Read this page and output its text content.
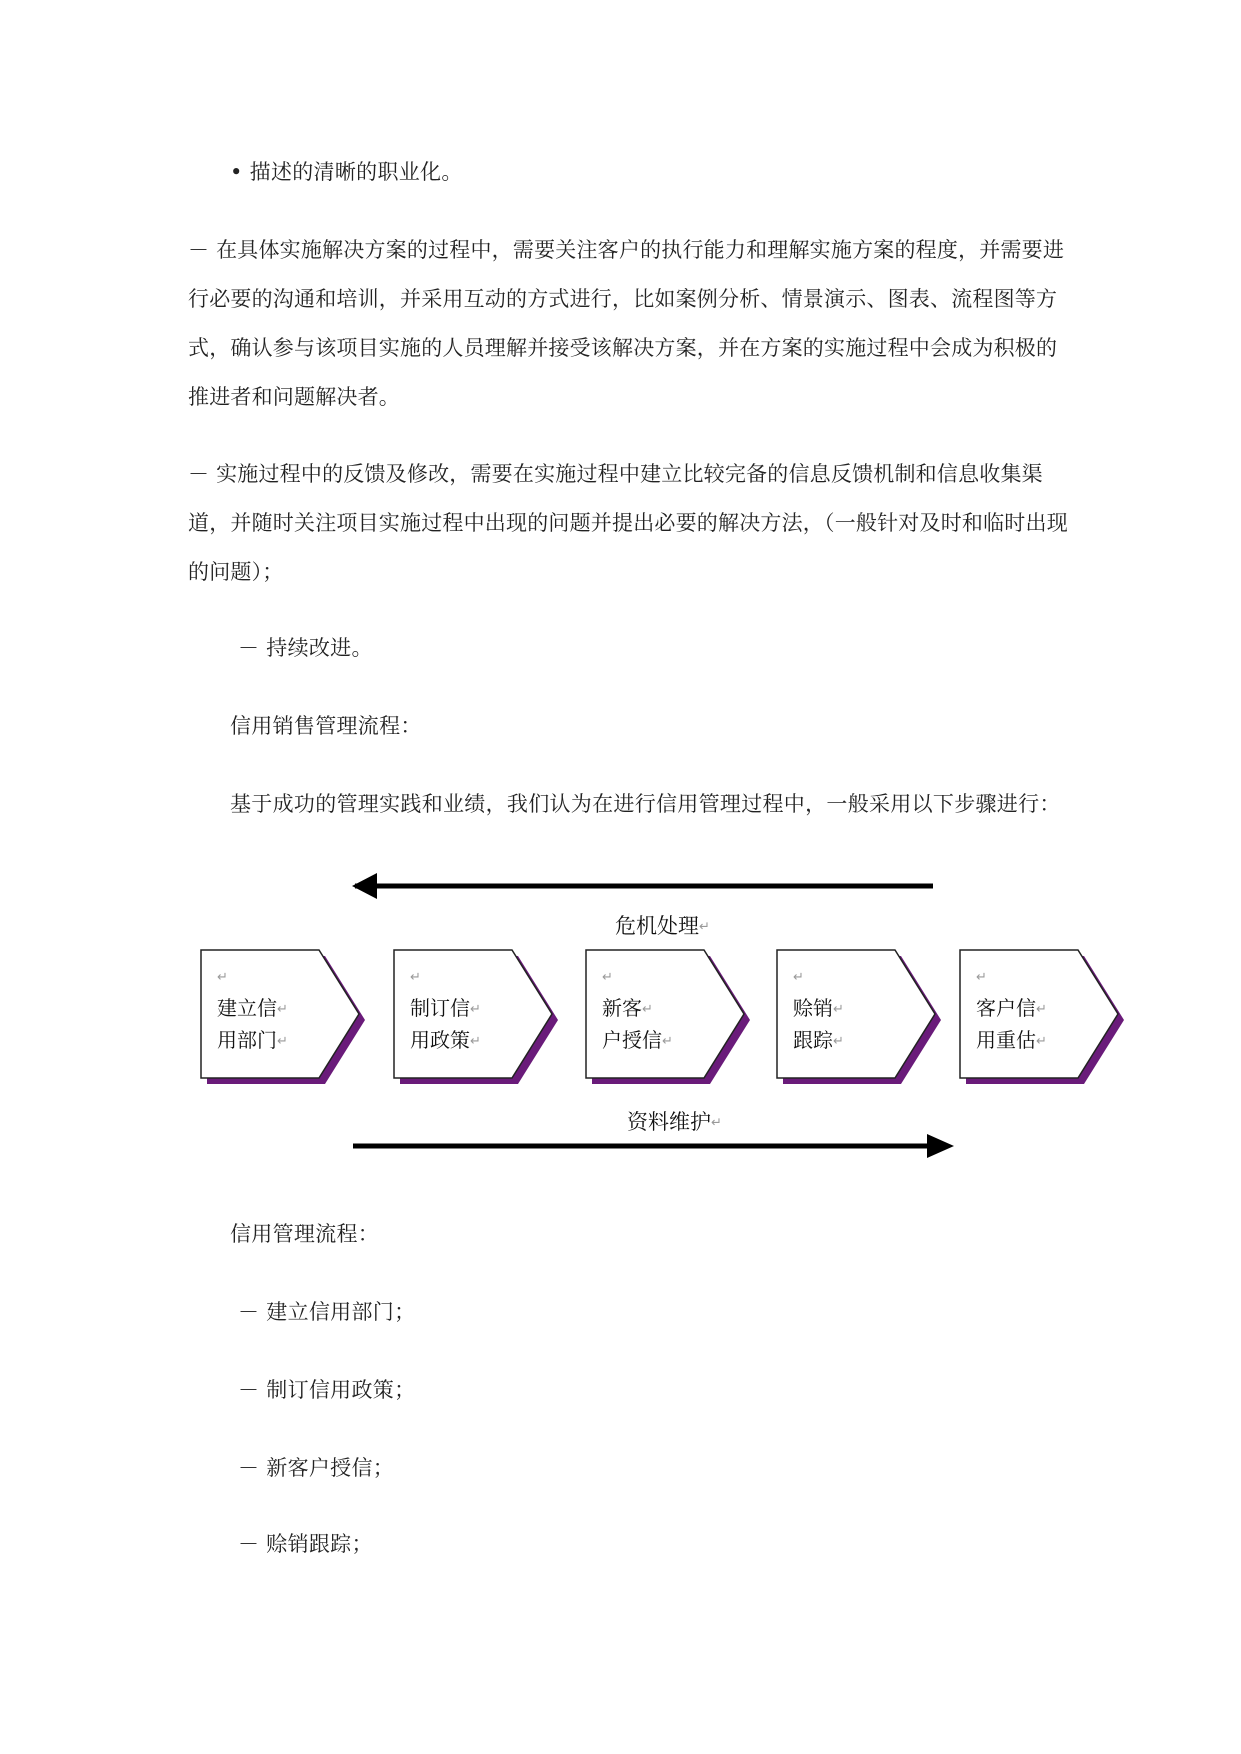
• 描述的清晰的职业化。
－ 在具体实施解决方案的过程中，需要关注客户的执行能力和理解实施方案的程度，并需要进行必要的沟通和培训，并采用互动的方式进行，比如案例分析、情景演示、图表、流程图等方式，确认参与该项目实施的人员理解并接受该解决方案，并在方案的实施过程中会成为积极的推进者和问题解决者。
－ 实施过程中的反馈及修改，需要在实施过程中建立比较完备的信息反馈机制和信息收集渠道，并随时关注项目实施过程中出现的问题并提出必要的解决方法，（一般针对及时和临时出现的问题）；
－ 持续改进。
信用销售管理流程：
基于成功的管理实践和业绩，我们认为在进行信用管理过程中，一般采用以下步骤进行：
危机处理↵
资料维护↵
↵
建立信↵
用部门↵
↵
制订信↵
用政策↵
↵
新客↵
户授信↵
↵
赊销↵
跟踪↵
↵
客户信↵
用重估↵
信用管理流程：
－ 建立信用部门；
－ 制订信用政策；
－ 新客户授信；
－ 赊销跟踪；
